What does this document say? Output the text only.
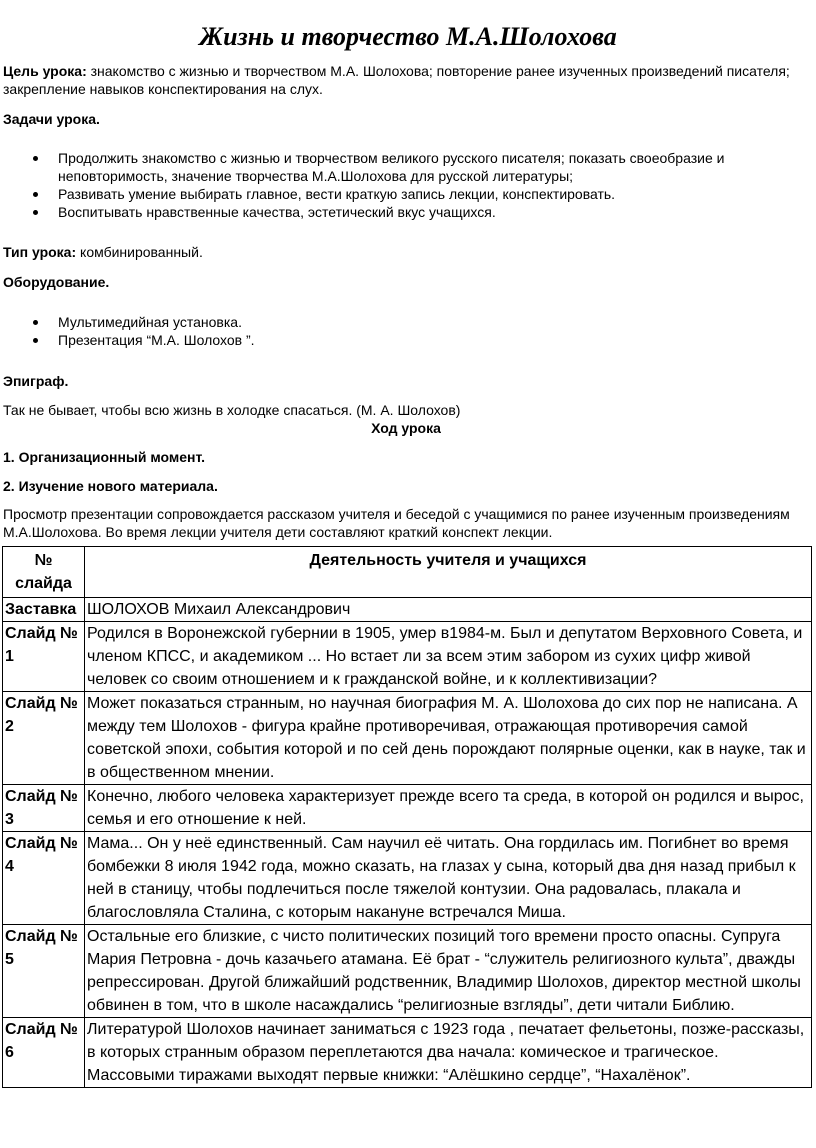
Жизнь и творчество М.А.Шолохова
Цель урока: знакомство с жизнью и творчеством М.А. Шолохова; повторение ранее изученных произведений писателя; закрепление навыков конспектирования на слух.
Задачи урока.
Продолжить знакомство с жизнью и творчеством великого русского писателя; показать своеобразие и неповторимость, значение творчества М.А.Шолохова для русской литературы;
Развивать умение выбирать главное, вести краткую запись лекции, конспектировать.
Воспитывать нравственные качества, эстетический вкус учащихся.
Тип урока: комбинированный.
Оборудование.
Мультимедийная установка.
Презентация “М.А. Шолохов ”.
Эпиграф.
Так не бывает, чтобы всю жизнь в холодке спасаться. (М. А. Шолохов)
Ход урока
1. Организационный момент.
2. Изучение нового материала.
Просмотр презентации сопровождается рассказом учителя и беседой с учащимися по ранее изученным произведениям М.А.Шолохова. Во время лекции учителя дети составляют краткий конспект лекции.
№ слайда	Деятельность учителя и учащихся
Заставка	ШОЛОХОВ Михаил Александрович
Слайд № 1	Родился в Воронежской губернии в 1905, умер в1984-м. Был и депутатом Верховного Совета, и членом КПСС, и академиком ... Но встает ли за всем этим забором из сухих цифр живой человек со своим отношением и к гражданской войне, и к коллективизации?
Слайд № 2	Может показаться странным, но научная биография М. А. Шолохова до сих пор не написана. А между тем Шолохов - фигура крайне противоречивая, отражающая противоречия самой советской эпохи, события которой и по сей день порождают полярные оценки, как в науке, так и в общественном мнении.
Слайд № 3	Конечно, любого человека характеризует прежде всего та среда, в которой он родился и вырос, семья и его отношение к ней.
Слайд № 4	Мама... Он у неё единственный. Сам научил её читать. Она гордилась им. Погибнет во время бомбежки 8 июля 1942 года, можно сказать, на глазах у сына, который два дня назад прибыл к ней в станицу, чтобы подлечиться после тяжелой контузии. Она радовалась, плакала и благословляла Сталина, с которым накануне встречался Миша.
Слайд № 5	Остальные его близкие, с чисто политических позиций того времени просто опасны. Супруга Мария Петровна - дочь казачьего атамана. Её брат - “служитель религиозного культа”, дважды репрессирован. Другой ближайший родственник, Владимир Шолохов, директор местной школы обвинен в том, что в школе насаждались “религиозные взгляды”, дети читали Библию.
Слайд № 6	Литературой Шолохов начинает заниматься с 1923 года , печатает фельетоны, позже-рассказы, в которых странным образом переплетаются два начала: комическое и трагическое. Массовыми тиражами выходят первые книжки: “Алёшкино сердце”, “Нахалёнок”.
